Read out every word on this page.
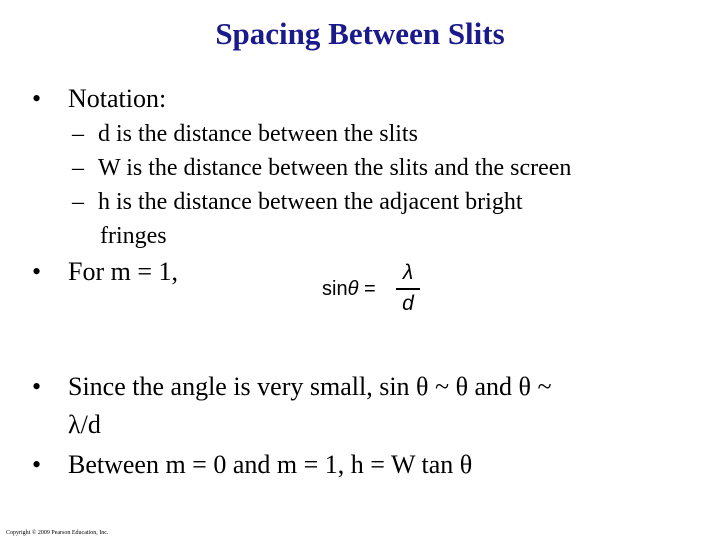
Spacing Between Slits
• Notation:
– d is the distance between the slits
– W is the distance between the slits and the screen
– h is the distance between the adjacent bright
fringes
• For m = 1,
sinθ =
λ
d
• Since the angle is very small, sin θ ~ θ and θ ~
λ/d
• Between m = 0 and m = 1, h = W tan θ
Copyright © 2009 Pearson Education, Inc.
